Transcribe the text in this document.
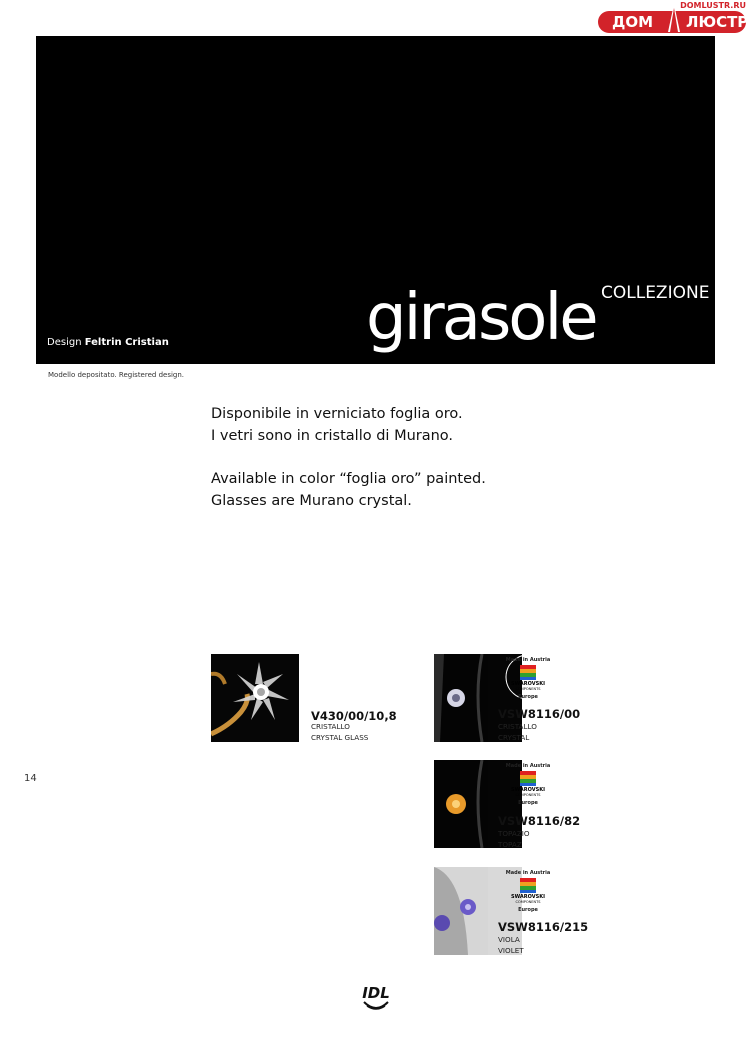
DOMLUSTR.RU
ДОМ ЛЮСТР
Design Feltrin Cristian	girasole COLLEZIONE
Modello depositato. Registered design.

Disponibile in verniciato foglia oro.
I vetri sono in cristallo di Murano.

Available in color “foglia oro” painted.
Glasses are Murano crystal.

14
V430/00/10,8
CRISTALLO
CRYSTAL GLASS
Made in Austria
SWAROVSKI
COMPONENTS
Europe
VSW8116/00
CRISTALLO
CRYSTAL
Made in Austria
SWAROVSKI
COMPONENTS
Europe
VSW8116/82
TOPAZIO
TOPAZ
Made in Austria
SWAROVSKI
COMPONENTS
Europe
VSW8116/215
VIOLA
VIOLET
IDL
